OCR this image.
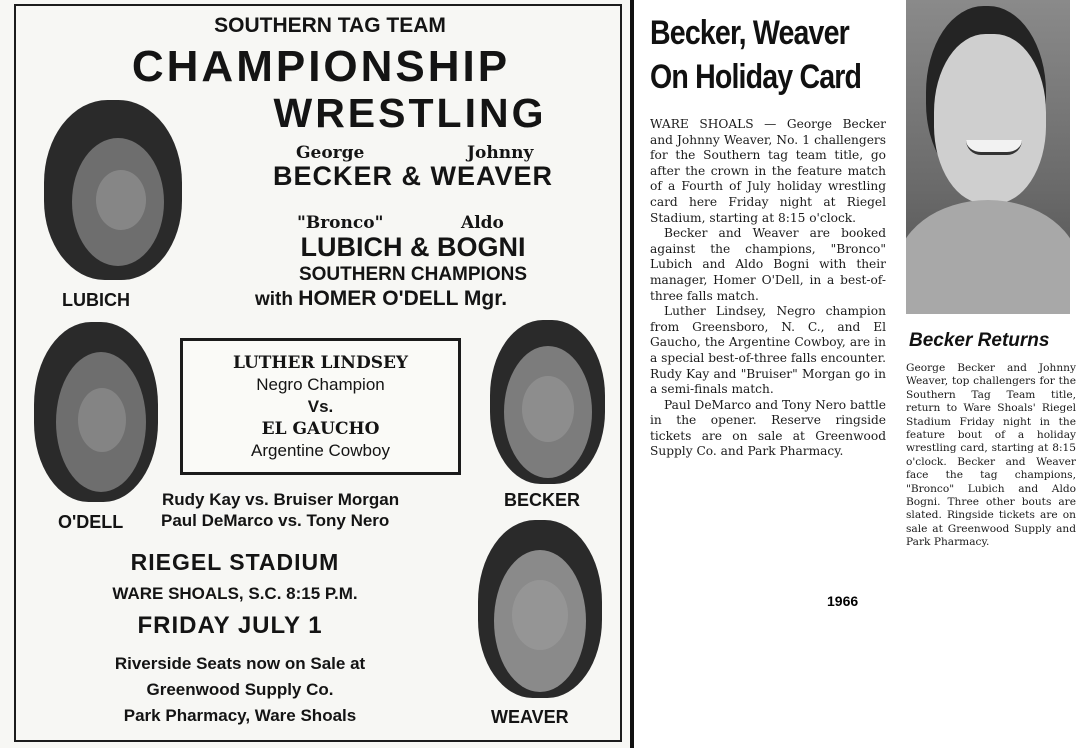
SOUTHERN TAG TEAM
CHAMPIONSHIP
WRESTLING
George	Johnny
BECKER & WEAVER
"Bronco"	Aldo
LUBICH & BOGNI
SOUTHERN CHAMPIONS
with HOMER O'DELL Mgr.
LUBICH
O'DELL
BECKER
WEAVER
LUTHER LINDSEY
Negro Champion
Vs.
EL GAUCHO
Argentine Cowboy
Rudy Kay vs. Bruiser Morgan
Paul DeMarco vs. Tony Nero
RIEGEL STADIUM
WARE SHOALS, S.C. 8:15 P.M.
FRIDAY JULY 1
Riverside Seats now on Sale at
Greenwood Supply Co.
Park Pharmacy, Ware Shoals
Becker, Weaver
On Holiday Card

WARE SHOALS — George Becker and Johnny Weaver, No. 1 challengers for the Southern tag team title, go after the crown in the feature match of a Fourth of July holiday wrestling card here Friday night at Riegel Stadium, starting at 8:15 o'clock.

Becker and Weaver are booked against the champions, "Bronco" Lubich and Aldo Bogni with their manager, Homer O'Dell, in a best-of-three falls match.

Luther Lindsey, Negro champion from Greensboro, N. C., and El Gaucho, the Argentine Cowboy, are in a special best-of-three falls encounter. Rudy Kay and "Bruiser" Morgan go in a semi-finals match.

Paul DeMarco and Tony Nero battle in the opener. Reserve ringside tickets are on sale at Greenwood Supply Co. and Park Pharmacy.

Becker Returns
George Becker and Johnny Weaver, top challengers for the Southern Tag Team title, return to Ware Shoals' Riegel Stadium Friday night in the feature bout of a holiday wrestling card, starting at 8:15 o'clock. Becker and Weaver face the tag champions, "Bronco" Lubich and Aldo Bogni. Three other bouts are slated. Ringside tickets are on sale at Greenwood Supply and Park Pharmacy.
1966
